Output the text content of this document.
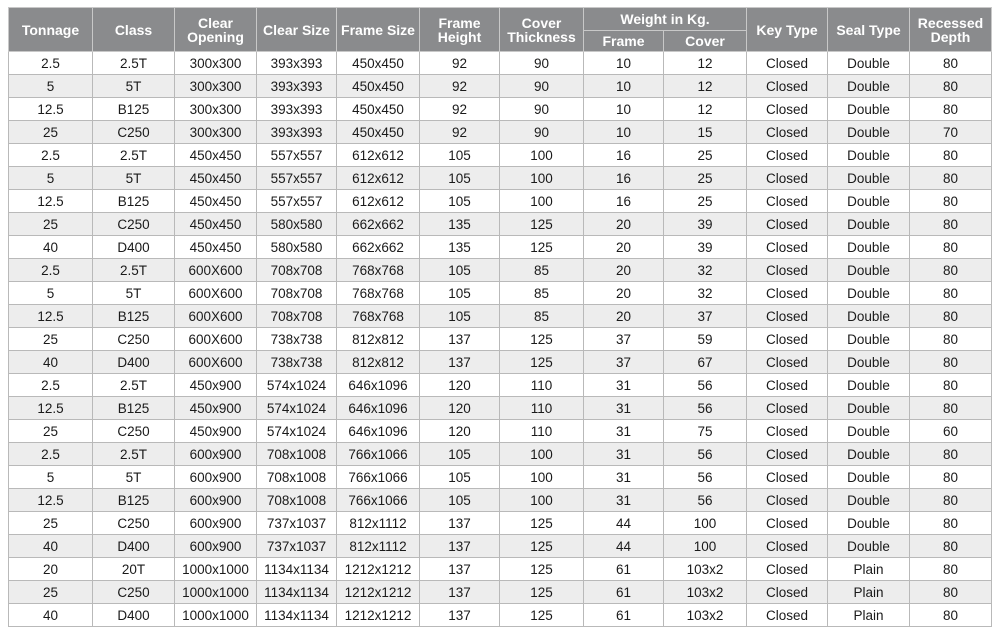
Tonnage	Class	Clear Opening	Clear Size	Frame Size	Frame Height	Cover Thickness	Weight in Kg.		Key Type	Seal Type	Recessed Depth
							Frame	Cover			
2.5	2.5T	300x300	393x393	450x450	92	90	10	12	Closed	Double	80
5	5T	300x300	393x393	450x450	92	90	10	12	Closed	Double	80
12.5	B125	300x300	393x393	450x450	92	90	10	12	Closed	Double	80
25	C250	300x300	393x393	450x450	92	90	10	15	Closed	Double	70
2.5	2.5T	450x450	557x557	612x612	105	100	16	25	Closed	Double	80
5	5T	450x450	557x557	612x612	105	100	16	25	Closed	Double	80
12.5	B125	450x450	557x557	612x612	105	100	16	25	Closed	Double	80
25	C250	450x450	580x580	662x662	135	125	20	39	Closed	Double	80
40	D400	450x450	580x580	662x662	135	125	20	39	Closed	Double	80
2.5	2.5T	600X600	708x708	768x768	105	85	20	32	Closed	Double	80
5	5T	600X600	708x708	768x768	105	85	20	32	Closed	Double	80
12.5	B125	600X600	708x708	768x768	105	85	20	37	Closed	Double	80
25	C250	600X600	738x738	812x812	137	125	37	59	Closed	Double	80
40	D400	600X600	738x738	812x812	137	125	37	67	Closed	Double	80
2.5	2.5T	450x900	574x1024	646x1096	120	110	31	56	Closed	Double	80
12.5	B125	450x900	574x1024	646x1096	120	110	31	56	Closed	Double	80
25	C250	450x900	574x1024	646x1096	120	110	31	75	Closed	Double	60
2.5	2.5T	600x900	708x1008	766x1066	105	100	31	56	Closed	Double	80
5	5T	600x900	708x1008	766x1066	105	100	31	56	Closed	Double	80
12.5	B125	600x900	708x1008	766x1066	105	100	31	56	Closed	Double	80
25	C250	600x900	737x1037	812x1112	137	125	44	100	Closed	Double	80
40	D400	600x900	737x1037	812x1112	137	125	44	100	Closed	Double	80
20	20T	1000x1000	1134x1134	1212x1212	137	125	61	103x2	Closed	Plain	80
25	C250	1000x1000	1134x1134	1212x1212	137	125	61	103x2	Closed	Plain	80
40	D400	1000x1000	1134x1134	1212x1212	137	125	61	103x2	Closed	Plain	80
